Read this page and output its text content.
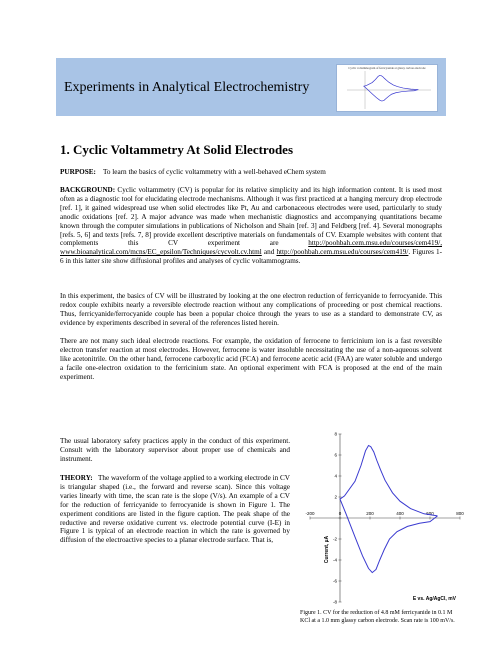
Experiments in Analytical Electrochemistry
Cyclic voltammogram of ferricyanide at glassy carbon electrode
1. Cyclic Voltammetry At Solid Electrodes
PURPOSE: To learn the basics of cyclic voltammetry with a well-behaved eChem system
BACKGROUND: Cyclic voltammetry (CV) is popular for its relative simplicity and its high information content. It is used most often as a diagnostic tool for elucidating electrode mechanisms. Although it was first practiced at a hanging mercury drop electrode [ref. 1], it gained widespread use when solid electrodes like Pt, Au and carbonaceous electrodes were used, particularly to study anodic oxidations [ref. 2]. A major advance was made when mechanistic diagnostics and accompanying quantitations became known through the computer simulations in publications of Nicholson and Shain [ref. 3] and Feldberg [ref. 4]. Several monographs [refs. 5, 6] and texts [refs. 7, 8] provide excellent descriptive materials on fundamentals of CV. Example websites with content that complements this CV experiment are	http://poohbah.cem.msu.edu/courses/cem419/, www.bioanalytical.com/mcns/EC_epsilon/Techniques/cycvolt.cv.html and http://poohbah.cem.msu.edu/courses/cem419/. Figures 1-6 in this latter site show diffusional profiles and analyses of cyclic voltammograms.
In this experiment, the basics of CV will be illustrated by looking at the one electron reduction of ferricyanide to ferrocyanide. This redox couple exhibits nearly a reversible electrode reaction without any complications of proceeding or post chemical reactions. Thus, ferricyanide/ferrocyanide couple has been a popular choice through the years to use as a standard to demonstrate CV, as evidence by experiments described in several of the references listed herein.
There are not many such ideal electrode reactions. For example, the oxidation of ferrocene to ferricinium ion is a fast reversible electron transfer reaction at most electrodes. However, ferrocene is water insoluble necessitating the use of a non-aqueous solvent like acetonitrile. On the other hand, ferrocene carboxylic acid (FCA) and ferrocene acetic acid (FAA) are water soluble and undergo a facile one-electron oxidation to the ferricinium state. An optional experiment with FCA is proposed at the end of the main experiment.
The usual laboratory safety practices apply in the conduct of this experiment. Consult with the laboratory supervisor about proper use of chemicals and instrument.
THEORY: The waveform of the voltage applied to a working electrode in CV is triangular shaped (i.e., the forward and reverse scan). Since this voltage varies linearly with time, the scan rate is the slope (V/s). An example of a CV for the reduction of ferricyanide to ferrocyanide is shown in Figure 1. The experiment conditions are listed in the figure caption. The peak shape of the reductive and reverse oxidative current vs. electrode potential curve (I-E) in Figure 1 is typical of an electrode reaction in which the rate is governed by diffusion of the electroactive species to a planar electrode surface. That is,
-200	0	200	400	600	800
-8
-6
-4
-2
2
4
6
8
E vs. Ag/AgCl, mV
Current, µA
Figure 1. CV for the reduction of 4.8 mM ferricyanide in 0.1 M KCl at a 1.0 mm glassy carbon electrode. Scan rate is 100 mV/s.
